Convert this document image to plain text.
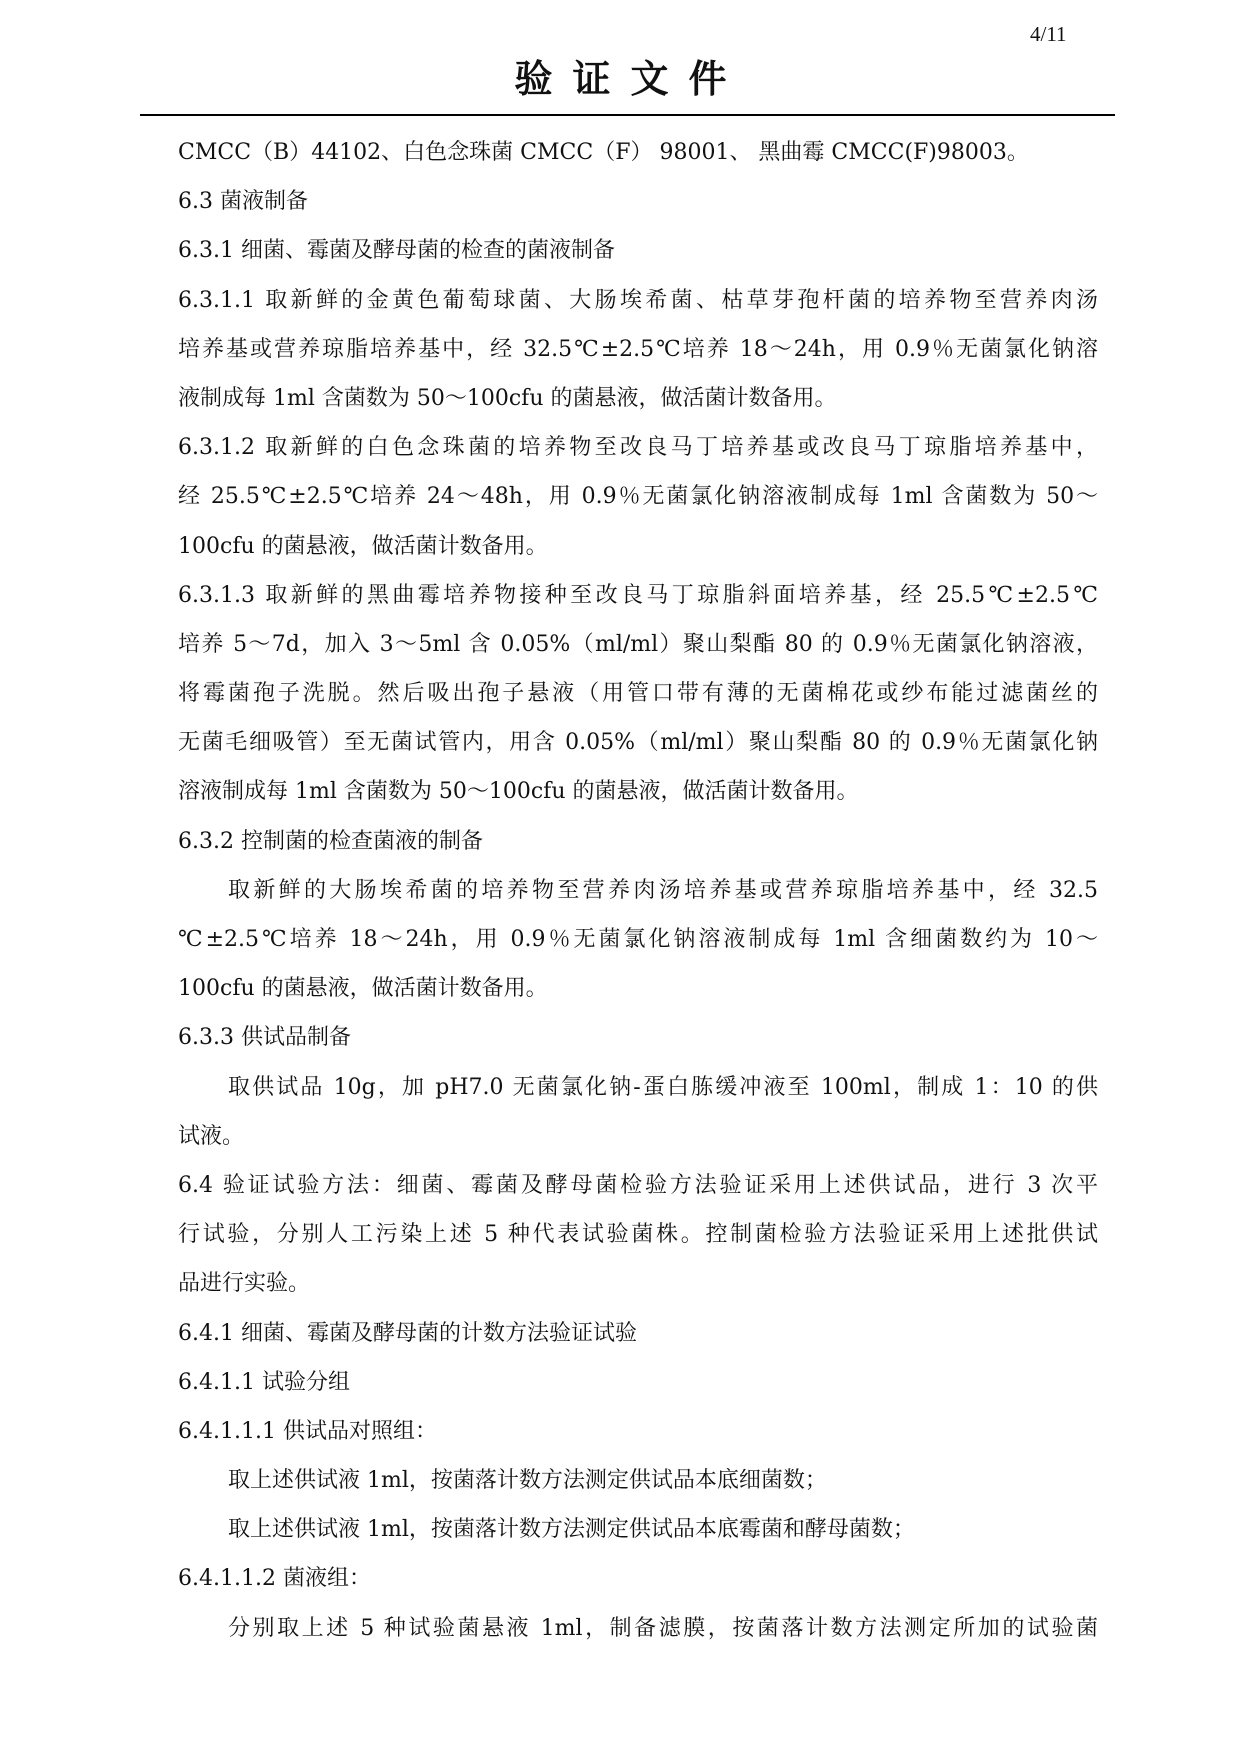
4/11
验证文件
CMCC（B）44102、白色念珠菌 CMCC（F） 98001、 黑曲霉 CMCC(F)98003。
6.3 菌液制备
6.3.1 细菌、霉菌及酵母菌的检查的菌液制备
6.3.1.1 取新鲜的金黄色葡萄球菌、大肠埃希菌、枯草芽孢杆菌的培养物至营养肉汤
培养基或营养琼脂培养基中，经 32.5℃±2.5℃培养 18～24h，用 0.9％无菌氯化钠溶
液制成每 1ml 含菌数为 50～100cfu 的菌悬液，做活菌计数备用。
6.3.1.2 取新鲜的白色念珠菌的培养物至改良马丁培养基或改良马丁琼脂培养基中，
经 25.5℃±2.5℃培养 24～48h，用 0.9％无菌氯化钠溶液制成每 1ml 含菌数为 50～
100cfu 的菌悬液，做活菌计数备用。
6.3.1.3 取新鲜的黑曲霉培养物接种至改良马丁琼脂斜面培养基，经 25.5℃±2.5℃
培养 5～7d，加入 3～5ml 含 0.05%（ml/ml）聚山梨酯 80 的 0.9％无菌氯化钠溶液，
将霉菌孢子洗脱。然后吸出孢子悬液（用管口带有薄的无菌棉花或纱布能过滤菌丝的
无菌毛细吸管）至无菌试管内，用含 0.05%（ml/ml）聚山梨酯 80 的 0.9％无菌氯化钠
溶液制成每 1ml 含菌数为 50～100cfu 的菌悬液，做活菌计数备用。
6.3.2 控制菌的检查菌液的制备
取新鲜的大肠埃希菌的培养物至营养肉汤培养基或营养琼脂培养基中，经 32.5
℃±2.5℃培养 18～24h，用 0.9％无菌氯化钠溶液制成每 1ml 含细菌数约为 10～
100cfu 的菌悬液，做活菌计数备用。
6.3.3 供试品制备
取供试品 10g，加 pH7.0 无菌氯化钠-蛋白胨缓冲液至 100ml，制成 1：10 的供
试液。
6.4 验证试验方法：细菌、霉菌及酵母菌检验方法验证采用上述供试品，进行 3 次平
行试验，分别人工污染上述 5 种代表试验菌株。控制菌检验方法验证采用上述批供试
品进行实验。
6.4.1 细菌、霉菌及酵母菌的计数方法验证试验
6.4.1.1 试验分组
6.4.1.1.1 供试品对照组：
取上述供试液 1ml，按菌落计数方法测定供试品本底细菌数；
取上述供试液 1ml，按菌落计数方法测定供试品本底霉菌和酵母菌数；
6.4.1.1.2 菌液组：
分别取上述 5 种试验菌悬液 1ml，制备滤膜，按菌落计数方法测定所加的试验菌
